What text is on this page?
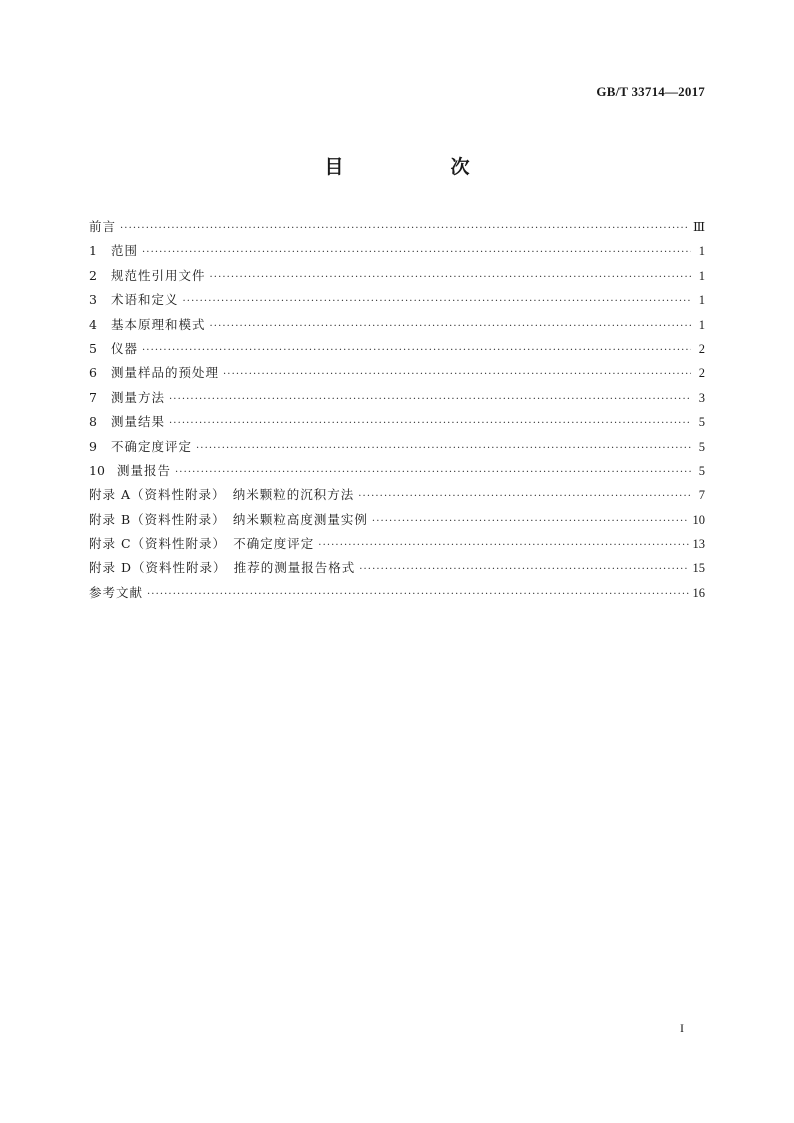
GB/T 33714—2017
目　次
前言 ·····	Ⅲ
1	范围 ·····	1
2	规范性引用文件 ·····	1
3	术语和定义 ·····	1
4	基本原理和模式 ·····	1
5	仪器 ·····	2
6	测量样品的预处理 ·····	2
7	测量方法 ·····	3
8	测量结果 ·····	5
9	不确定度评定 ·····	5
10 测量报告 ·····	5
附录 A（资料性附录）　纳米颗粒的沉积方法 ·····	7
附录 B（资料性附录）　纳米颗粒高度测量实例 ·····	10
附录 C（资料性附录）　不确定度评定 ·····	13
附录 D（资料性附录）　推荐的测量报告格式 ·····	15
参考文献 ·····	16
I
